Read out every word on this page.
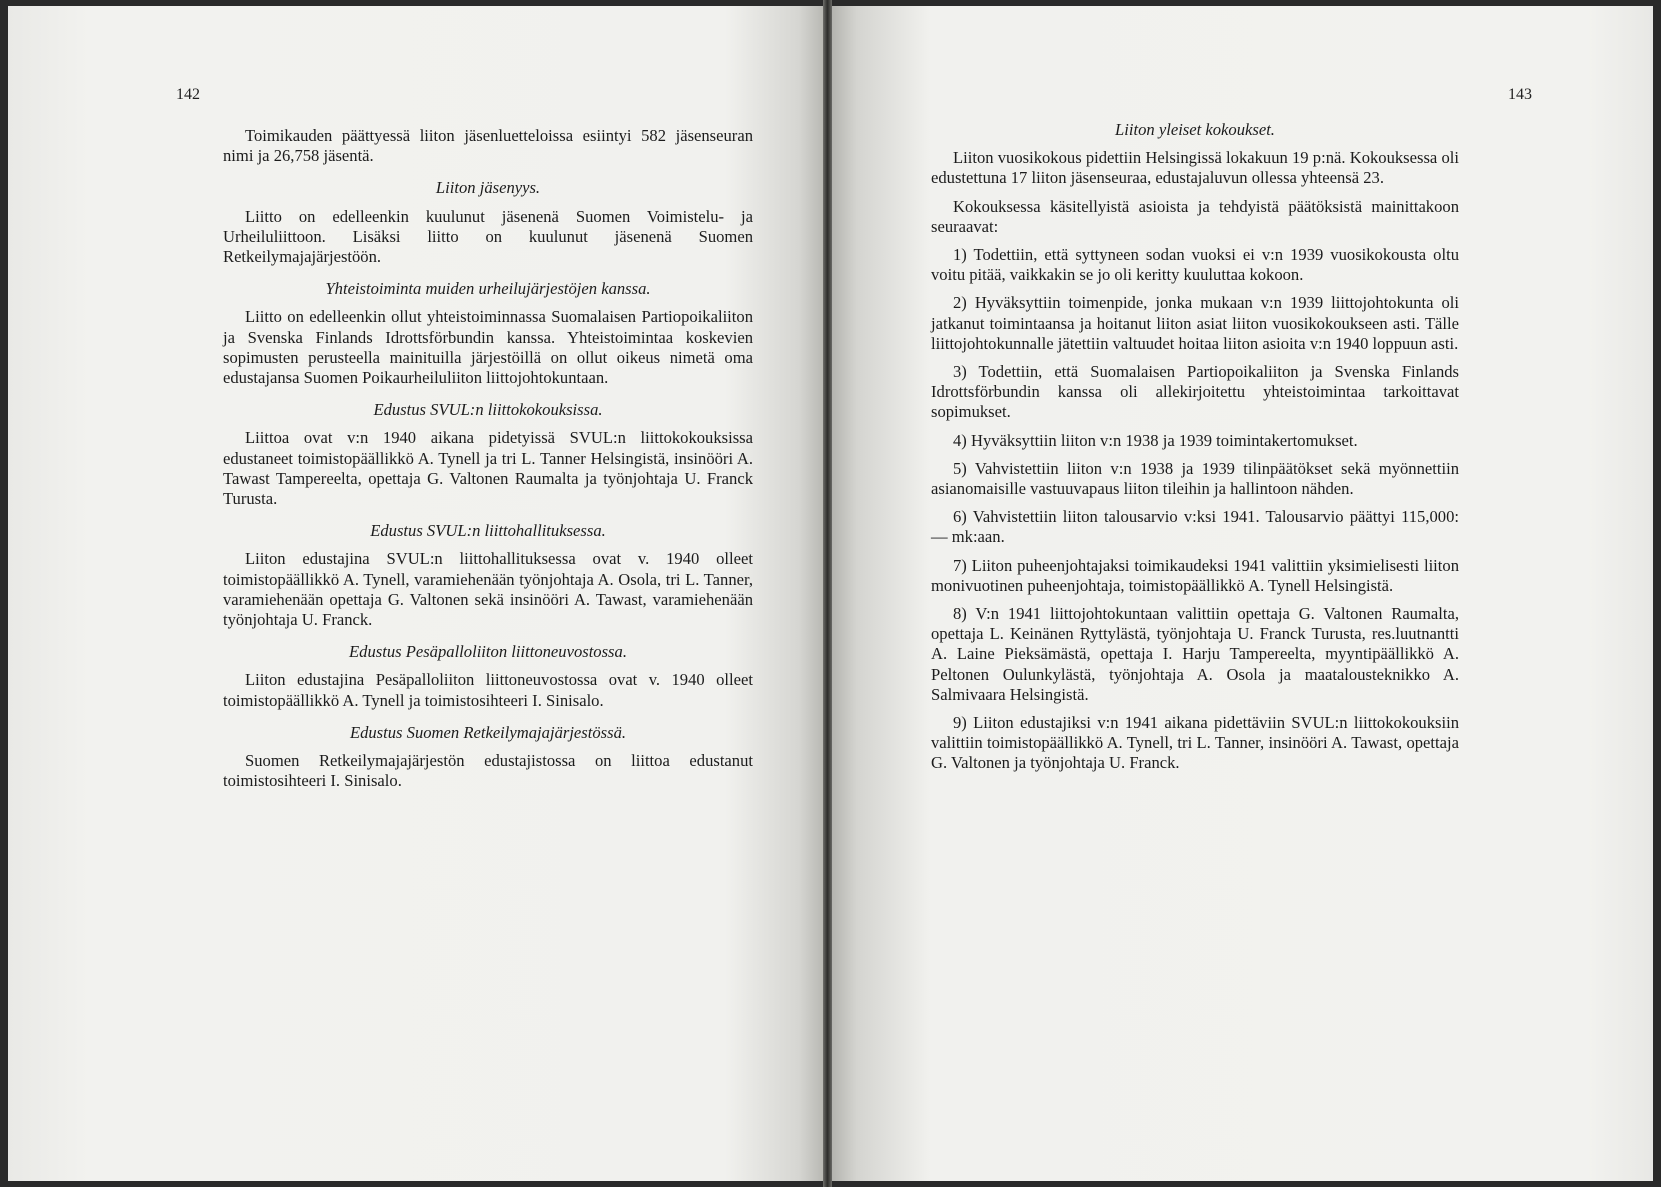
142

Toimikauden päättyessä liiton jäsenluetteloissa esiintyi 582 jäsenseuran nimi ja 26,758 jäsentä.

Liiton jäsenyys.

Liitto on edelleenkin kuulunut jäsenenä Suomen Voimistelu- ja Urheiluliittoon. Lisäksi liitto on kuulunut jäsenenä Suomen Retkeilymajajärjestöön.

Yhteistoiminta muiden urheilujärjestöjen kanssa.

Liitto on edelleenkin ollut yhteistoiminnassa Suomalaisen Partiopoikaliiton ja Svenska Finlands Idrottsförbundin kanssa. Yhteistoimintaa koskevien sopimusten perusteella mainituilla järjestöillä on ollut oikeus nimetä oma edustajansa Suomen Poikaurheiluliiton liittojohtokuntaan.

Edustus SVUL:n liittokokouksissa.

Liittoa ovat v:n 1940 aikana pidetyissä SVUL:n liittokokouksissa edustaneet toimistopäällikkö A. Tynell ja tri L. Tanner Helsingistä, insinööri A. Tawast Tampereelta, opettaja G. Valtonen Raumalta ja työnjohtaja U. Franck Turusta.

Edustus SVUL:n liittohallituksessa.

Liiton edustajina SVUL:n liittohallituksessa ovat v. 1940 olleet toimistopäällikkö A. Tynell, varamiehenään työnjohtaja A. Osola, tri L. Tanner, varamiehenään opettaja G. Valtonen sekä insinööri A. Tawast, varamiehenään työnjohtaja U. Franck.

Edustus Pesäpalloliiton liittoneuvostossa.

Liiton edustajina Pesäpalloliiton liittoneuvostossa ovat v. 1940 olleet toimistopäällikkö A. Tynell ja toimistosihteeri I. Sinisalo.

Edustus Suomen Retkeilymajajärjestössä.

Suomen Retkeilymajajärjestön edustajistossa on liittoa edustanut toimistosihteeri I. Sinisalo.

143

Liiton yleiset kokoukset.

Liiton vuosikokous pidettiin Helsingissä lokakuun 19 p:nä. Kokouksessa oli edustettuna 17 liiton jäsenseuraa, edustajaluvun ollessa yhteensä 23.

Kokouksessa käsitellyistä asioista ja tehdyistä päätöksistä mainittakoon seuraavat:

1) Todettiin, että syttyneen sodan vuoksi ei v:n 1939 vuosikokousta oltu voitu pitää, vaikkakin se jo oli keritty kuuluttaa kokoon.
2) Hyväksyttiin toimenpide, jonka mukaan v:n 1939 liittojohtokunta oli jatkanut toimintaansa ja hoitanut liiton asiat liiton vuosikokoukseen asti. Tälle liittojohtokunnalle jätettiin valtuudet hoitaa liiton asioita v:n 1940 loppuun asti.
3) Todettiin, että Suomalaisen Partiopoikaliiton ja Svenska Finlands Idrottsförbundin kanssa oli allekirjoitettu yhteistoimintaa tarkoittavat sopimukset.
4) Hyväksyttiin liiton v:n 1938 ja 1939 toimintakertomukset.
5) Vahvistettiin liiton v:n 1938 ja 1939 tilinpäätökset sekä myönnettiin asianomaisille vastuuvapaus liiton tileihin ja hallintoon nähden.
6) Vahvistettiin liiton talousarvio v:ksi 1941. Talousarvio päättyi 115,000: — mk:aan.
7) Liiton puheenjohtajaksi toimikaudeksi 1941 valittiin yksimielisesti liiton monivuotinen puheenjohtaja, toimistopäällikkö A. Tynell Helsingistä.
8) V:n 1941 liittojohtokuntaan valittiin opettaja G. Valtonen Raumalta, opettaja L. Keinänen Ryttylästä, työnjohtaja U. Franck Turusta, res.luutnantti A. Laine Pieksämästä, opettaja I. Harju Tampereelta, myyntipäällikkö A. Peltonen Oulunkylästä, työnjohtaja A. Osola ja maatalousteknikko A. Salmivaara Helsingistä.
9) Liiton edustajiksi v:n 1941 aikana pidettäviin SVUL:n liittokokouksiin valittiin toimistopäällikkö A. Tynell, tri L. Tanner, insinööri A. Tawast, opettaja G. Valtonen ja työnjohtaja U. Franck.
